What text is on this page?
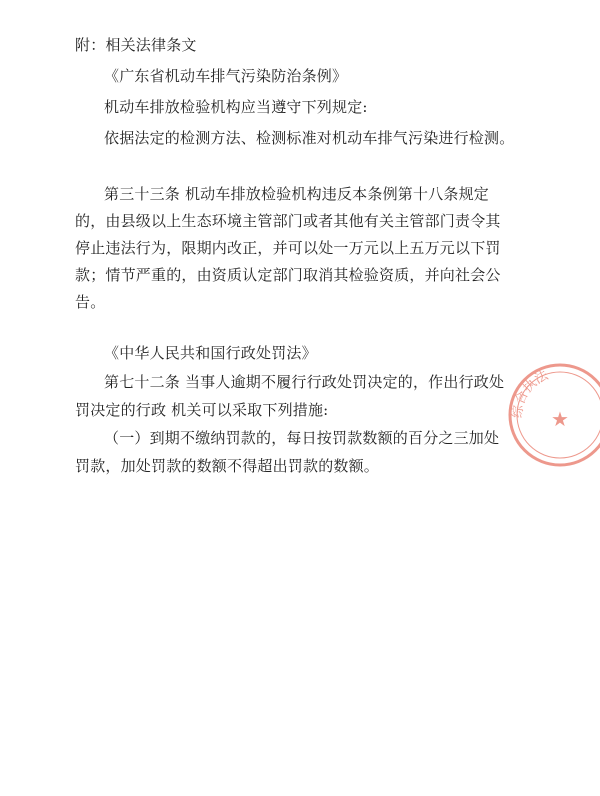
附：相关法律条文
《广东省机动车排气污染防治条例》
机动车排放检验机构应当遵守下列规定:
依据法定的检测方法、检测标准对机动车排气污染进行检测。
第三十三条 机动车排放检验机构违反本条例第十八条规定
的，由县级以上生态环境主管部门或者其他有关主管部门责令其
停止违法行为，限期内改正，并可以处一万元以上五万元以下罚
款；情节严重的，由资质认定部门取消其检验资质，并向社会公
告。
《中华人民共和国行政处罚法》
第七十二条 当事人逾期不履行行政处罚决定的，作出行政处
罚决定的行政 机关可以采取下列措施:
（一）到期不缴纳罚款的，每日按罚款数额的百分之三加处
罚款，加处罚款的数额不得超出罚款的数额。
综合执法
★
